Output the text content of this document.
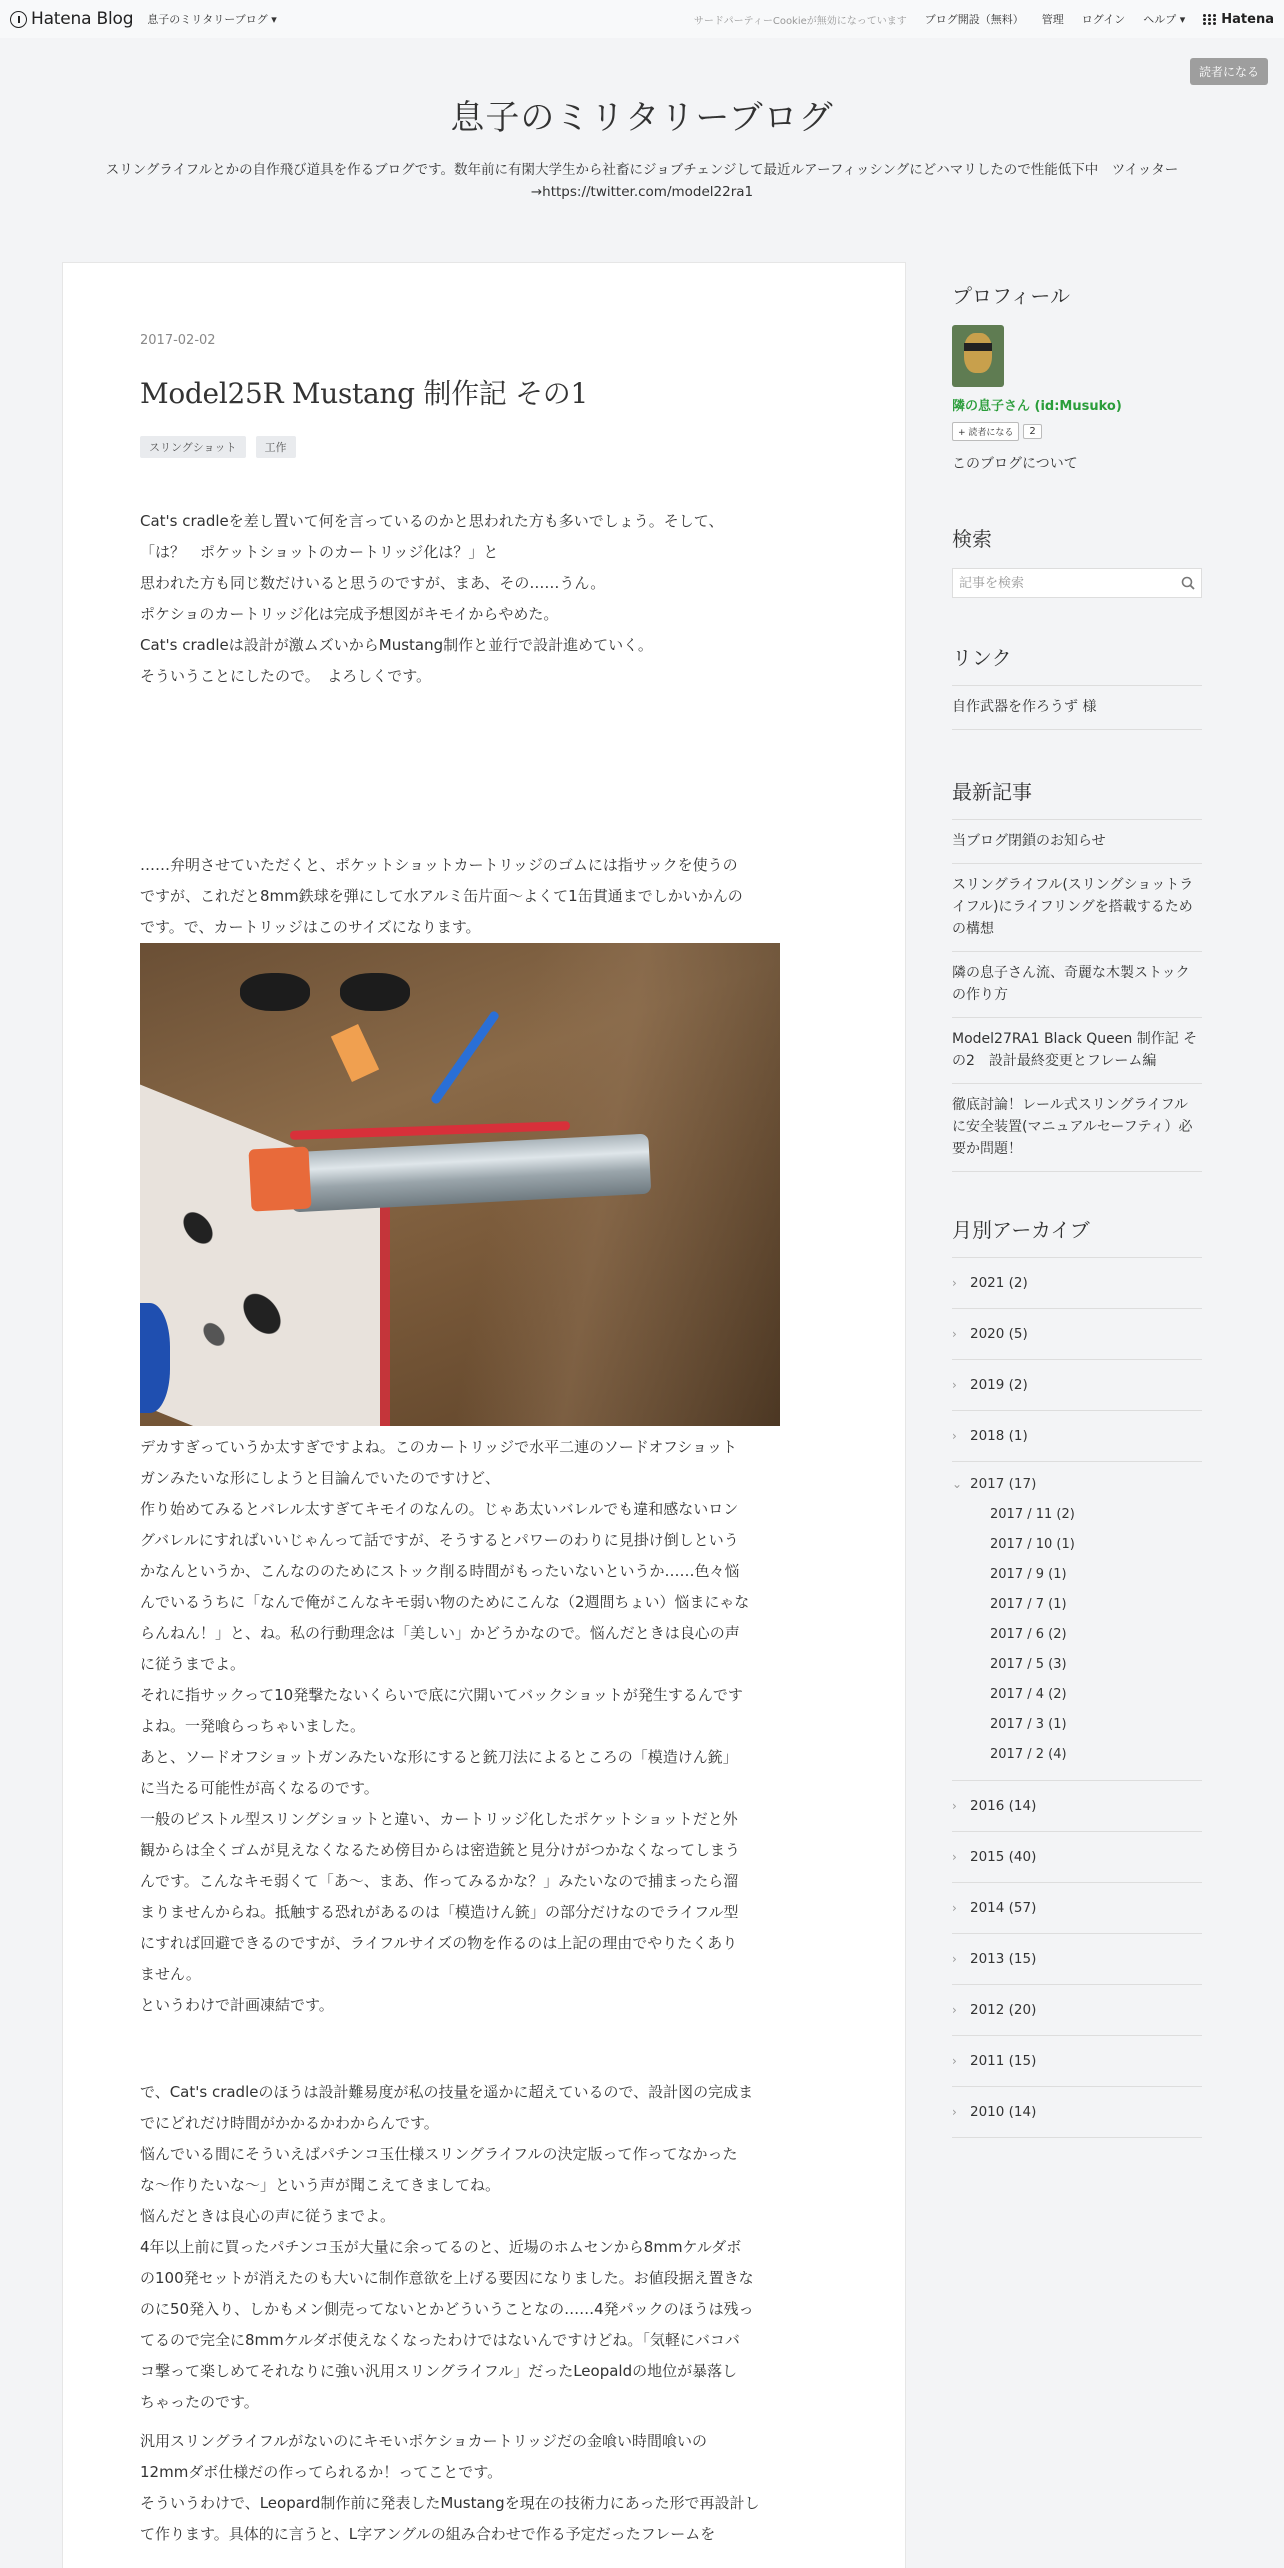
Hatena Blog 息子のミリタリーブログ ▾	サードパーティーCookieが無効になっています ブログ開設（無料） 管理 ログイン ヘルプ ▾	Hatena
読者になる
息子のミリタリーブログ

スリングライフルとかの自作飛び道具を作るブログです。数年前に有閑大学生から社畜にジョブチェンジして最近ルアーフィッシングにどハマリしたので性能低下中　ツイッター→https://twitter.com/model22ra1

2017-02-02
Model25R Mustang 制作記 その1
スリングショット	工作
Cat's cradleを差し置いて何を言っているのかと思われた方も多いでしょう。そして、
「は？　ポケットショットのカートリッジ化は？」と
思われた方も同じ数だけいると思うのですが、まあ、その……うん。
ポケショのカートリッジ化は完成予想図がキモイからやめた。
Cat's cradleは設計が激ムズいからMustang制作と並行で設計進めていく。
そういうことにしたので。　よろしくです。
……弁明させていただくと、ポケットショットカートリッジのゴムには指サックを使うの
ですが、これだと8mm鉄球を弾にして水アルミ缶片面〜よくて1缶貫通までしかいかんの
です。で、カートリッジはこのサイズになります。
デカすぎっていうか太すぎですよね。このカートリッジで水平二連のソードオフショット
ガンみたいな形にしようと目論んでいたのですけど、
作り始めてみるとバレル太すぎてキモイのなんの。じゃあ太いバレルでも違和感ないロン
グバレルにすればいいじゃんって話ですが、そうするとパワーのわりに見掛け倒しという
かなんというか、こんなののためにストック削る時間がもったいないというか……色々悩
んでいるうちに「なんで俺がこんなキモ弱い物のためにこんな（2週間ちょい）悩まにゃな
らんねん！」と、ね。私の行動理念は「美しい」かどうかなので。悩んだときは良心の声
に従うまでよ。
それに指サックって10発撃たないくらいで底に穴開いてバックショットが発生するんです
よね。一発喰らっちゃいました。
あと、ソードオフショットガンみたいな形にすると銃刀法によるところの「模造けん銃」
に当たる可能性が高くなるのです。
一般のピストル型スリングショットと違い、カートリッジ化したポケットショットだと外
観からは全くゴムが見えなくなるため傍目からは密造銃と見分けがつかなくなってしまう
んです。こんなキモ弱くて「あ〜、まあ、作ってみるかな？」みたいなので捕まったら溜
まりませんからね。抵触する恐れがあるのは「模造けん銃」の部分だけなのでライフル型
にすれば回避できるのですが、ライフルサイズの物を作るのは上記の理由でやりたくあり
ません。
というわけで計画凍結です。
で、Cat's cradleのほうは設計難易度が私の技量を遥かに超えているので、設計図の完成ま
でにどれだけ時間がかかるかわからんです。
悩んでいる間にそういえばパチンコ玉仕様スリングライフルの決定版って作ってなかった
な〜作りたいな〜」という声が聞こえてきましてね。
悩んだときは良心の声に従うまでよ。
4年以上前に買ったパチンコ玉が大量に余ってるのと、近場のホムセンから8mmケルダボ
の100発セットが消えたのも大いに制作意欲を上げる要因になりました。お値段据え置きな
のに50発入り、しかもメン側売ってないとかどういうことなの……4発パックのほうは残っ
てるので完全に8mmケルダボ使えなくなったわけではないんですけどね。「気軽にバコバ
コ撃って楽しめてそれなりに強い汎用スリングライフル」だったLeopaldの地位が暴落し
ちゃったのです。
汎用スリングライフルがないのにキモいポケショカートリッジだの金喰い時間喰いの
12mmダボ仕様だの作ってられるか！ってことです。
そういうわけで、Leopard制作前に発表したMustangを現在の技術力にあった形で再設計し
て作ります。具体的に言うと、L字アングルの組み合わせで作る予定だったフレームを
プロフィール
隣の息子さん (id:Musuko)
+ 読者になる	2
このブログについて
検索
記事を検索
リンク
自作武器を作ろうず 様
最新記事
当ブログ閉鎖のお知らせ
スリングライフル(スリングショットライフル)にライフリングを搭載するための構想
隣の息子さん流、奇麗な木製ストックの作り方
Model27RA1 Black Queen 制作記 その2　設計最終変更とフレーム編
徹底討論！レール式スリングライフルに安全装置(マニュアルセーフティ）必要か問題！
月別アーカイブ
› 2021 (2)
› 2020 (5)
› 2019 (2)
› 2018 (1)
⌄ 2017 (17)
2017 / 11 (2)
2017 / 10 (1)
2017 / 9 (1)
2017 / 7 (1)
2017 / 6 (2)
2017 / 5 (3)
2017 / 4 (2)
2017 / 3 (1)
2017 / 2 (4)
› 2016 (14)
› 2015 (40)
› 2014 (57)
› 2013 (15)
› 2012 (20)
› 2011 (15)
› 2010 (14)
